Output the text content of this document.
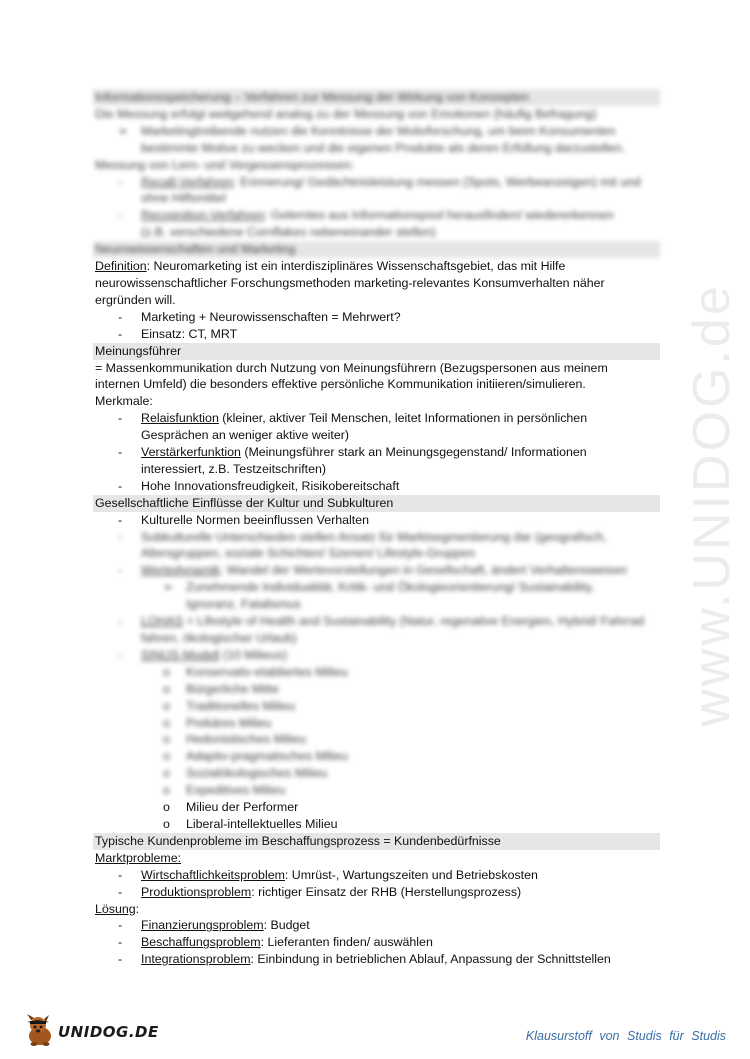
www.UNIDOG.de
Informationsspeicherung – Verfahren zur Messung der Wirkung von Konzepten
Die Messung erfolgt weitgehend analog zu der Messung von Emotionen (häufig Befragung)
➢ Marketingtreibende nutzen die Kenntnisse der Motivforschung, um beim Konsumenten
bestimmte Motive zu wecken und die eigenen Produkte als deren Erfüllung darzustellen.
Messung von Lern- und Vergessensprozessen:
- Recall-Verfahren: Erinnerung/ Gedächtnisleistung messen (Spots, Werbeanzeigen) mit und
ohne Hilfsmittel
- Recognition-Verfahren: Gelerntes aus Informationspool herausfinden/ wiedererkennen
(z.B. verschiedene Cornflakes nebeneinander stellen)
Neurowissenschaften und Marketing
Definition: Neuromarketing ist ein interdisziplinäres Wissenschaftsgebiet, das mit Hilfe
neurowissenschaftlicher Forschungsmethoden marketing-relevantes Konsumverhalten näher
ergründen will.
- Marketing + Neurowissenschaften = Mehrwert?
- Einsatz: CT, MRT
Meinungsführer
= Massenkommunikation durch Nutzung von Meinungsführern (Bezugspersonen aus meinem
internen Umfeld) die besonders effektive persönliche Kommunikation initiieren/simulieren.
Merkmale:
- Relaisfunktion (kleiner, aktiver Teil Menschen, leitet Informationen in persönlichen
Gesprächen an weniger aktive weiter)
- Verstärkerfunktion (Meinungsführer stark an Meinungsgegenstand/ Informationen
interessiert, z.B. Testzeitschriften)
- Hohe Innovationsfreudigkeit, Risikobereitschaft
Gesellschaftliche Einflüsse der Kultur und Subkulturen
- Kulturelle Normen beeinflussen Verhalten
- Subkulturelle Unterschieden stellen Ansatz für Marktsegmentierung dar (geografisch,
Altersgruppen, soziale Schichten/ Szenen/ Lifestyle-Gruppen
- Wertedynamik: Wandel der Wertevorstellungen in Gesellschaft, ändert Verhaltensweisen
➢ Zunehmende Individualität, Kritik- und Ökologieorientierung/ Sustainability,
Ignoranz, Fatalismus
- LOHAS = Lifestyle of Health and Sustainability (Natur, regenative Energien, Hybrid/ Fahrrad
fahren, ökologischer Urlaub)
- SINUS-Modell (10 Milieus)
o Konservativ-etabliertes Milieu
o Bürgerliche Mitte
o Traditionelles Milieu
o Prekäres Milieu
o Hedonistisches Milieu
o Adaptiv-pragmatisches Milieu
o Sozialökologisches Milieu
o Expeditives Milieu
o Milieu der Performer
o Liberal-intellektuelles Milieu
Typische Kundenprobleme im Beschaffungsprozess = Kundenbedürfnisse
Marktprobleme:
- Wirtschaftlichkeitsproblem: Umrüst-, Wartungszeiten und Betriebskosten
- Produktionsproblem: richtiger Einsatz der RHB (Herstellungsprozess)
Lösung:
- Finanzierungsproblem: Budget
- Beschaffungsproblem: Lieferanten finden/ auswählen
- Integrationsproblem: Einbindung in betrieblichen Ablauf, Anpassung der Schnittstellen
UNIDOG.DE	Klausurstoff von Studis für Studis
